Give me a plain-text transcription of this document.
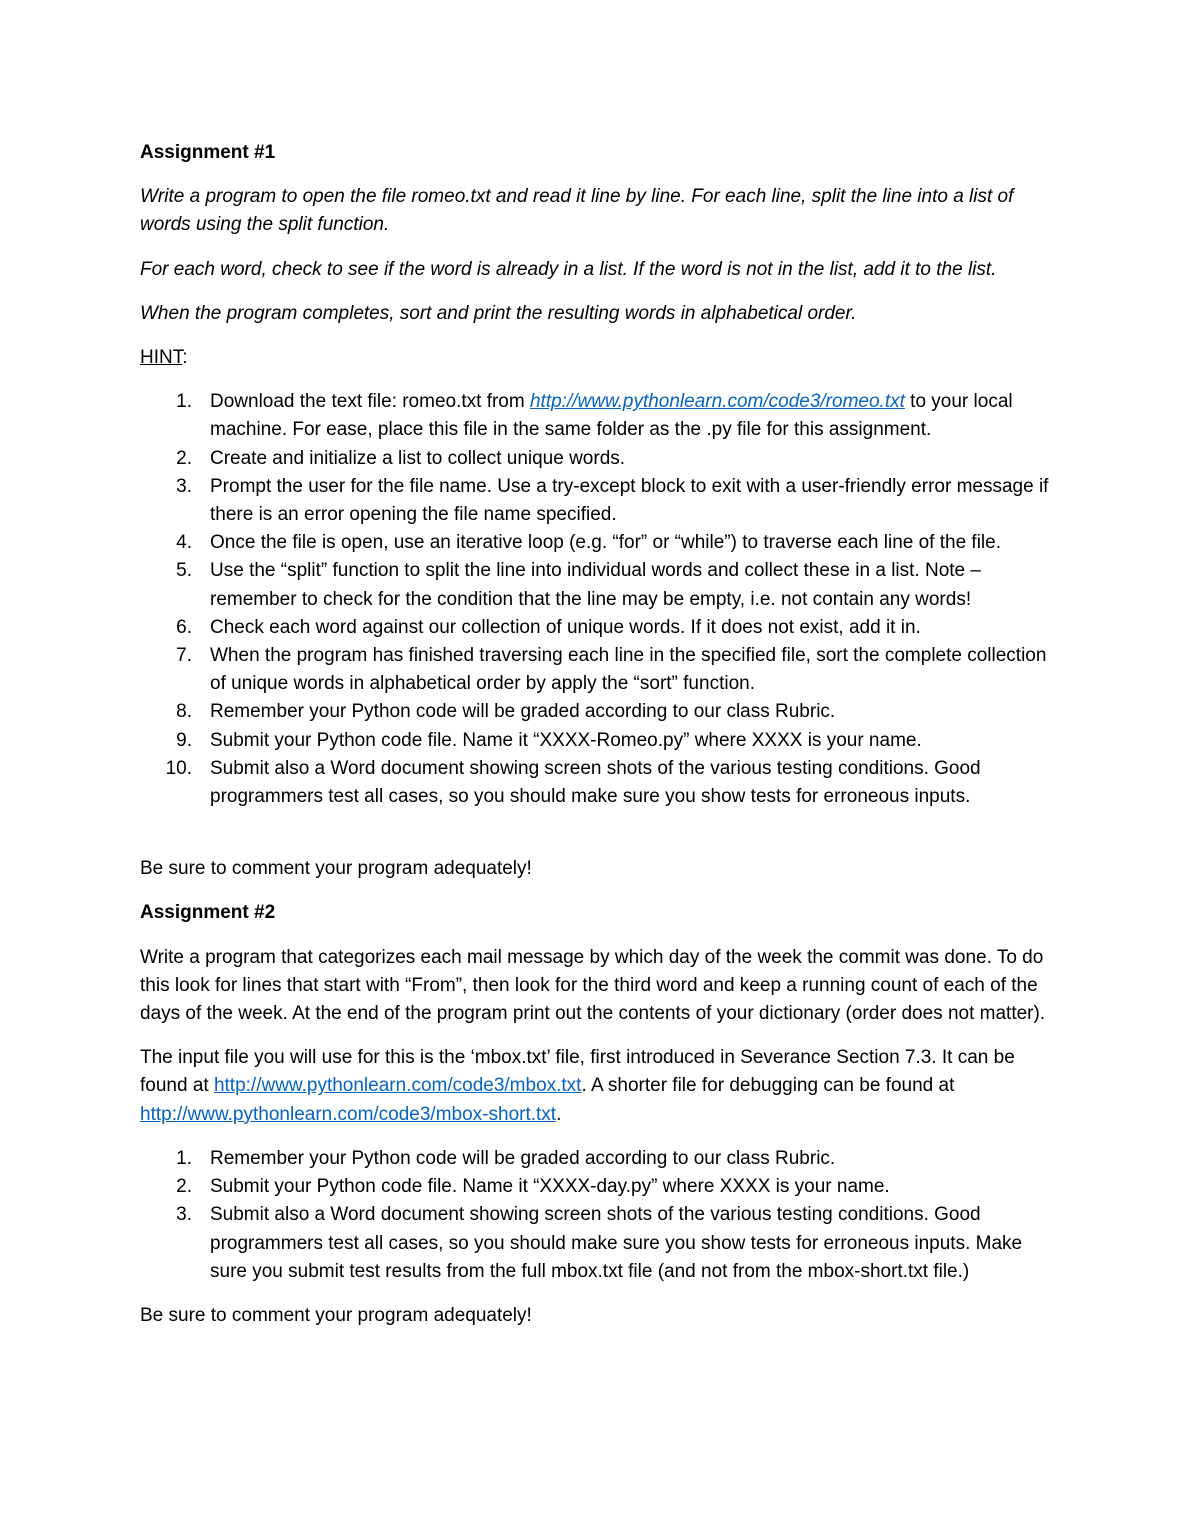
Assignment #1

Write a program to open the file romeo.txt and read it line by line. For each line, split the line into a list of words using the split function.

For each word, check to see if the word is already in a list. If the word is not in the list, add it to the list.

When the program completes, sort and print the resulting words in alphabetical order.

HINT:

1. Download the text file: romeo.txt from http://www.pythonlearn.com/code3/romeo.txt to your local machine. For ease, place this file in the same folder as the .py file for this assignment.
2. Create and initialize a list to collect unique words.
3. Prompt the user for the file name. Use a try-except block to exit with a user-friendly error message if there is an error opening the file name specified.
4. Once the file is open, use an iterative loop (e.g. “for” or “while”) to traverse each line of the file.
5. Use the “split” function to split the line into individual words and collect these in a list. Note – remember to check for the condition that the line may be empty, i.e. not contain any words!
6. Check each word against our collection of unique words. If it does not exist, add it in.
7. When the program has finished traversing each line in the specified file, sort the complete collection of unique words in alphabetical order by apply the “sort” function.
8. Remember your Python code will be graded according to our class Rubric.
9. Submit your Python code file. Name it “XXXX-Romeo.py” where XXXX is your name.
10. Submit also a Word document showing screen shots of the various testing conditions. Good programmers test all cases, so you should make sure you show tests for erroneous inputs.

Be sure to comment your program adequately!

Assignment #2

Write a program that categorizes each mail message by which day of the week the commit was done. To do this look for lines that start with “From”, then look for the third word and keep a running count of each of the days of the week. At the end of the program print out the contents of your dictionary (order does not matter).

The input file you will use for this is the ‘mbox.txt’ file, first introduced in Severance Section 7.3. It can be found at http://www.pythonlearn.com/code3/mbox.txt. A shorter file for debugging can be found at http://www.pythonlearn.com/code3/mbox-short.txt.

1. Remember your Python code will be graded according to our class Rubric.
2. Submit your Python code file. Name it “XXXX-day.py” where XXXX is your name.
3. Submit also a Word document showing screen shots of the various testing conditions. Good programmers test all cases, so you should make sure you show tests for erroneous inputs. Make sure you submit test results from the full mbox.txt file (and not from the mbox-short.txt file.)

Be sure to comment your program adequately!
